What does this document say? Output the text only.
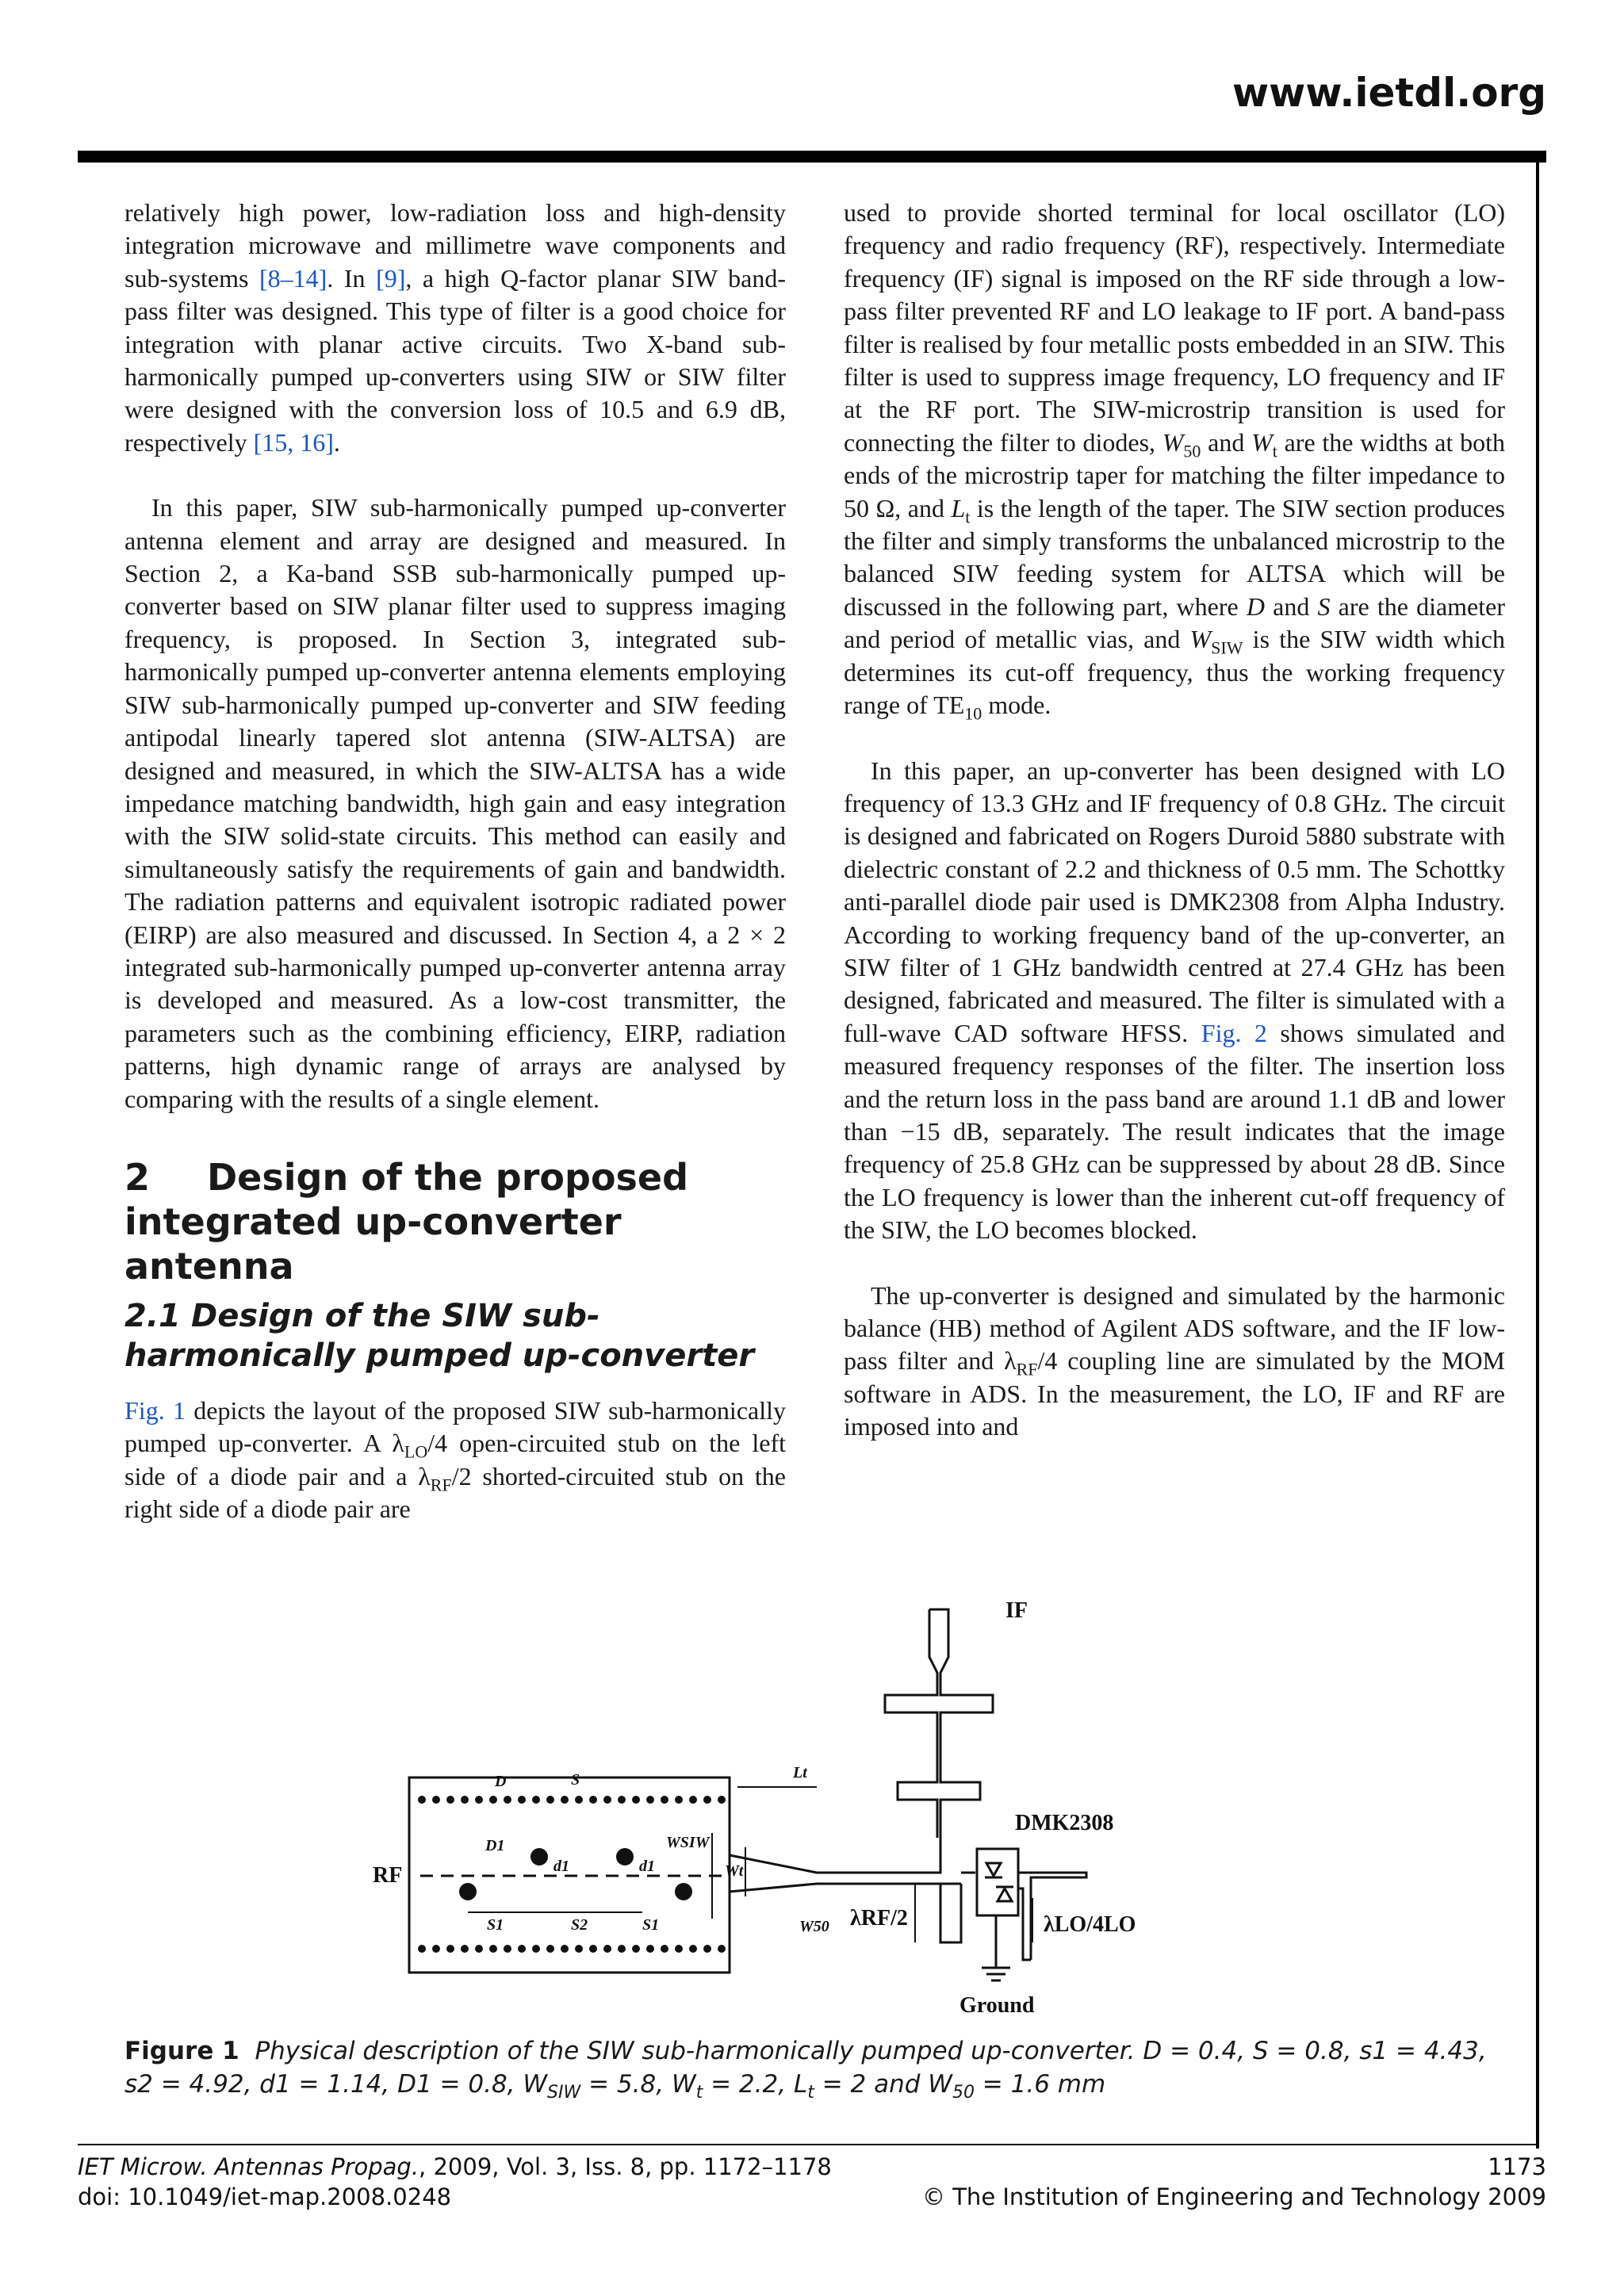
www.ietdl.org

relatively high power, low-radiation loss and high-density integration microwave and millimetre wave components and sub-systems [8–14]. In [9], a high Q-factor planar SIW band-pass filter was designed. This type of filter is a good choice for integration with planar active circuits. Two X-band sub-harmonically pumped up-converters using SIW or SIW filter were designed with the conversion loss of 10.5 and 6.9 dB, respectively [15, 16].

In this paper, SIW sub-harmonically pumped up-converter antenna element and array are designed and measured. In Section 2, a Ka-band SSB sub-harmonically pumped up-converter based on SIW planar filter used to suppress imaging frequency, is proposed. In Section 3, integrated sub-harmonically pumped up-converter antenna elements employing SIW sub-harmonically pumped up-converter and SIW feeding antipodal linearly tapered slot antenna (SIW-ALTSA) are designed and measured, in which the SIW-ALTSA has a wide impedance matching bandwidth, high gain and easy integration with the SIW solid-state circuits. This method can easily and simultaneously satisfy the requirements of gain and bandwidth. The radiation patterns and equivalent isotropic radiated power (EIRP) are also measured and discussed. In Section 4, a 2 × 2 integrated sub-harmonically pumped up-converter antenna array is developed and measured. As a low-cost transmitter, the parameters such as the combining efficiency, EIRP, radiation patterns, high dynamic range of arrays are analysed by comparing with the results of a single element.

2 Design of the proposed integrated up-converter antenna
2.1 Design of the SIW sub-harmonically pumped up-converter

Fig. 1 depicts the layout of the proposed SIW sub-harmonically pumped up-converter. A $\lambda_{LO}/4$ open-circuited stub on the left side of a diode pair and a $\lambda_{RF}/2$ shorted-circuited stub on the right side of a diode pair are

used to provide shorted terminal for local oscillator (LO) frequency and radio frequency (RF), respectively. Intermediate frequency (IF) signal is imposed on the RF side through a low-pass filter prevented RF and LO leakage to IF port. A band-pass filter is realised by four metallic posts embedded in an SIW. This filter is used to suppress image frequency, LO frequency and IF at the RF port. The SIW-microstrip transition is used for connecting the filter to diodes, $W_{50}$ and $W_t$ are the widths at both ends of the microstrip taper for matching the filter impedance to 50 Ω, and $L_t$ is the length of the taper. The SIW section produces the filter and simply transforms the unbalanced microstrip to the balanced SIW feeding system for ALTSA which will be discussed in the following part, where D and S are the diameter and period of metallic vias, and $W_{SIW}$ is the SIW width which determines its cut-off frequency, thus the working frequency range of $TE_{10}$ mode.

In this paper, an up-converter has been designed with LO frequency of 13.3 GHz and IF frequency of 0.8 GHz. The circuit is designed and fabricated on Rogers Duroid 5880 substrate with dielectric constant of 2.2 and thickness of 0.5 mm. The Schottky anti-parallel diode pair used is DMK2308 from Alpha Industry. According to working frequency band of the up-converter, an SIW filter of 1 GHz bandwidth centred at 27.4 GHz has been designed, fabricated and measured. The filter is simulated with a full-wave CAD software HFSS. Fig. 2 shows simulated and measured frequency responses of the filter. The insertion loss and the return loss in the pass band are around 1.1 dB and lower than −15 dB, separately. The result indicates that the image frequency of 25.8 GHz can be suppressed by about 28 dB. Since the LO frequency is lower than the inherent cut-off frequency of the SIW, the LO becomes blocked.

The up-converter is designed and simulated by the harmonic balance (HB) method of Agilent ADS software, and the IF low-pass filter and $\lambda_{RF}/4$ coupling line are simulated by the MOM software in ADS. In the measurement, the LO, IF and RF are imposed into and

IF
DMK2308
RF
LO
Ground
λRF/2	λLO/4
D	S
D1
d1	d1
WSIW
Wt
Lt
W50
S1	S2	S1
Figure 1 Physical description of the SIW sub-harmonically pumped up-converter. D = 0.4, S = 0.8, s1 = 4.43, s2 = 4.92, d1 = 1.14, D1 = 0.8, $W_{SIW} = 5.8$, $W_t = 2.2$, $L_t = 2$ and $W_{50} = 1.6$ mm
IET Microw. Antennas Propag., 2009, Vol. 3, Iss. 8, pp. 1172–1178
doi: 10.1049/iet-map.2008.0248
1173
© The Institution of Engineering and Technology 2009
